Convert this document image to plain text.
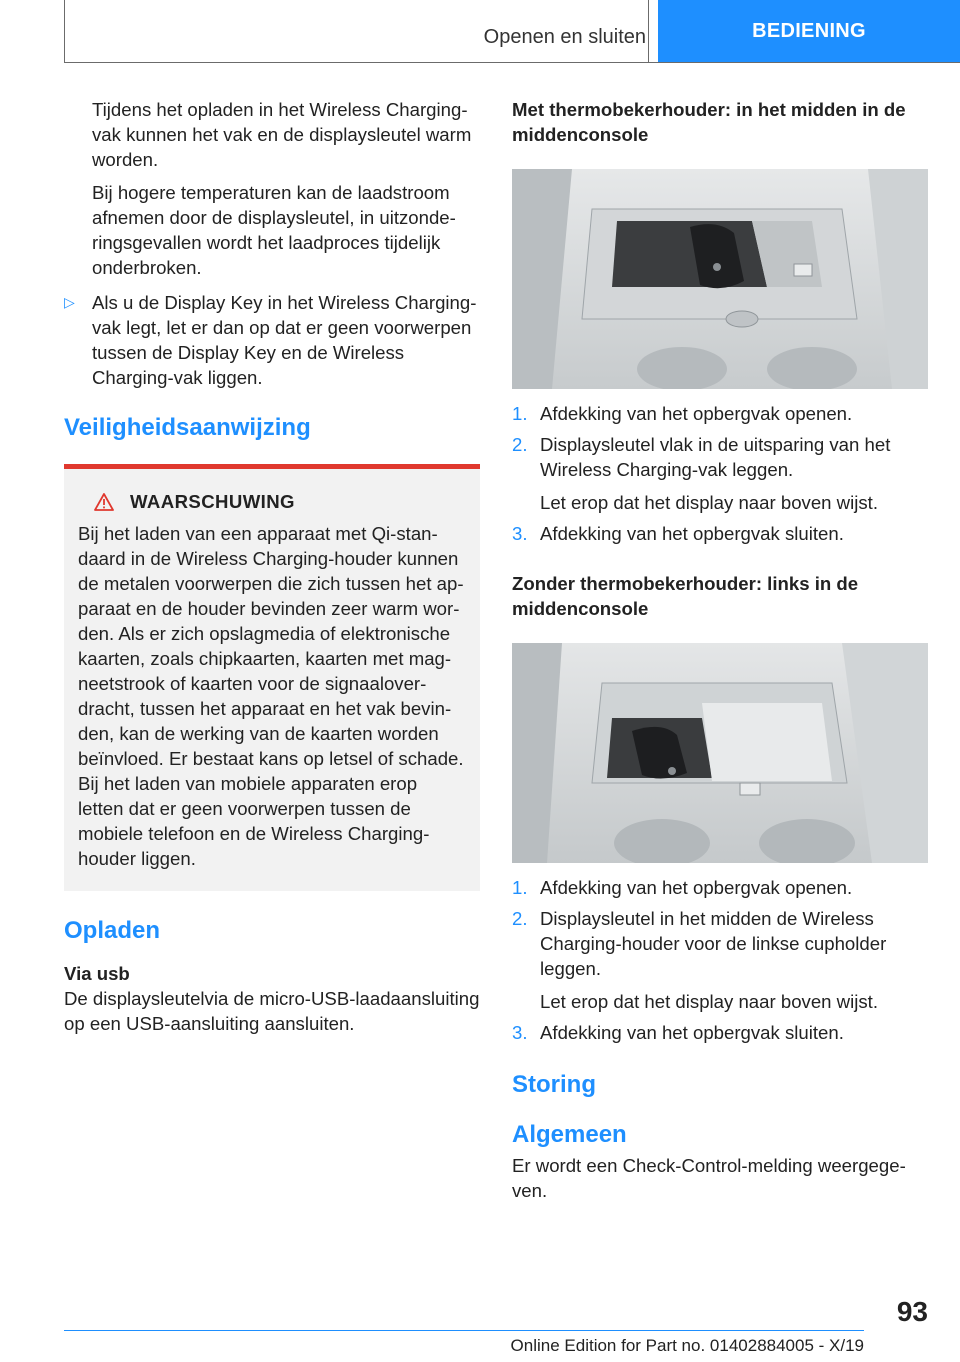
Openen en sluiten	BEDIENING

Tijdens het opladen in het Wireless Charging-vak kunnen het vak en de displaysleutel warm worden.

Bij hogere temperaturen kan de laadstroom afnemen door de displaysleutel, in uitzonderingsgevallen wordt het laadproces tijdelijk onderbroken.

▷ Als u de Display Key in het Wireless Charging-vak legt, let er dan op dat er geen voorwerpen tussen de Display Key en de Wireless Charging-vak liggen.

Veiligheidsaanwijzing
WAARSCHUWING

Bij het laden van een apparaat met Qi-standaard in de Wireless Charging-houder kunnen de metalen voorwerpen die zich tussen het apparaat en de houder bevinden zeer warm worden. Als er zich opslagmedia of elektronische kaarten, zoals chipkaarten, kaarten met magneetstrook of kaarten voor de signaaloverdracht, tussen het apparaat en het vak bevinden, kan de werking van de kaarten worden beïnvloed. Er bestaat kans op letsel of schade. Bij het laden van mobiele apparaten erop letten dat er geen voorwerpen tussen de mobiele telefoon en de Wireless Charging-houder liggen.

Opladen
Via usb

De displaysleutelvia de micro-USB-laadaansluiting op een USB-aansluiting aansluiten.

Met thermobekerhouder: in het midden in de middenconsole
1. Afdekking van het opbergvak openen.

2. Displaysleutel vlak in de uitsparing van het Wireless Charging-vak leggen.

Let erop dat het display naar boven wijst.

3. Afdekking van het opbergvak sluiten.

Zonder thermobekerhouder: links in de middenconsole
1. Afdekking van het opbergvak openen.

2. Displaysleutel in het midden de Wireless Charging-houder voor de linkse cupholder leggen.

Let erop dat het display naar boven wijst.

3. Afdekking van het opbergvak sluiten.

Storing
Algemeen

Er wordt een Check-Control-melding weergegeven.

93
Online Edition for Part no. 01402884005 - X/19
